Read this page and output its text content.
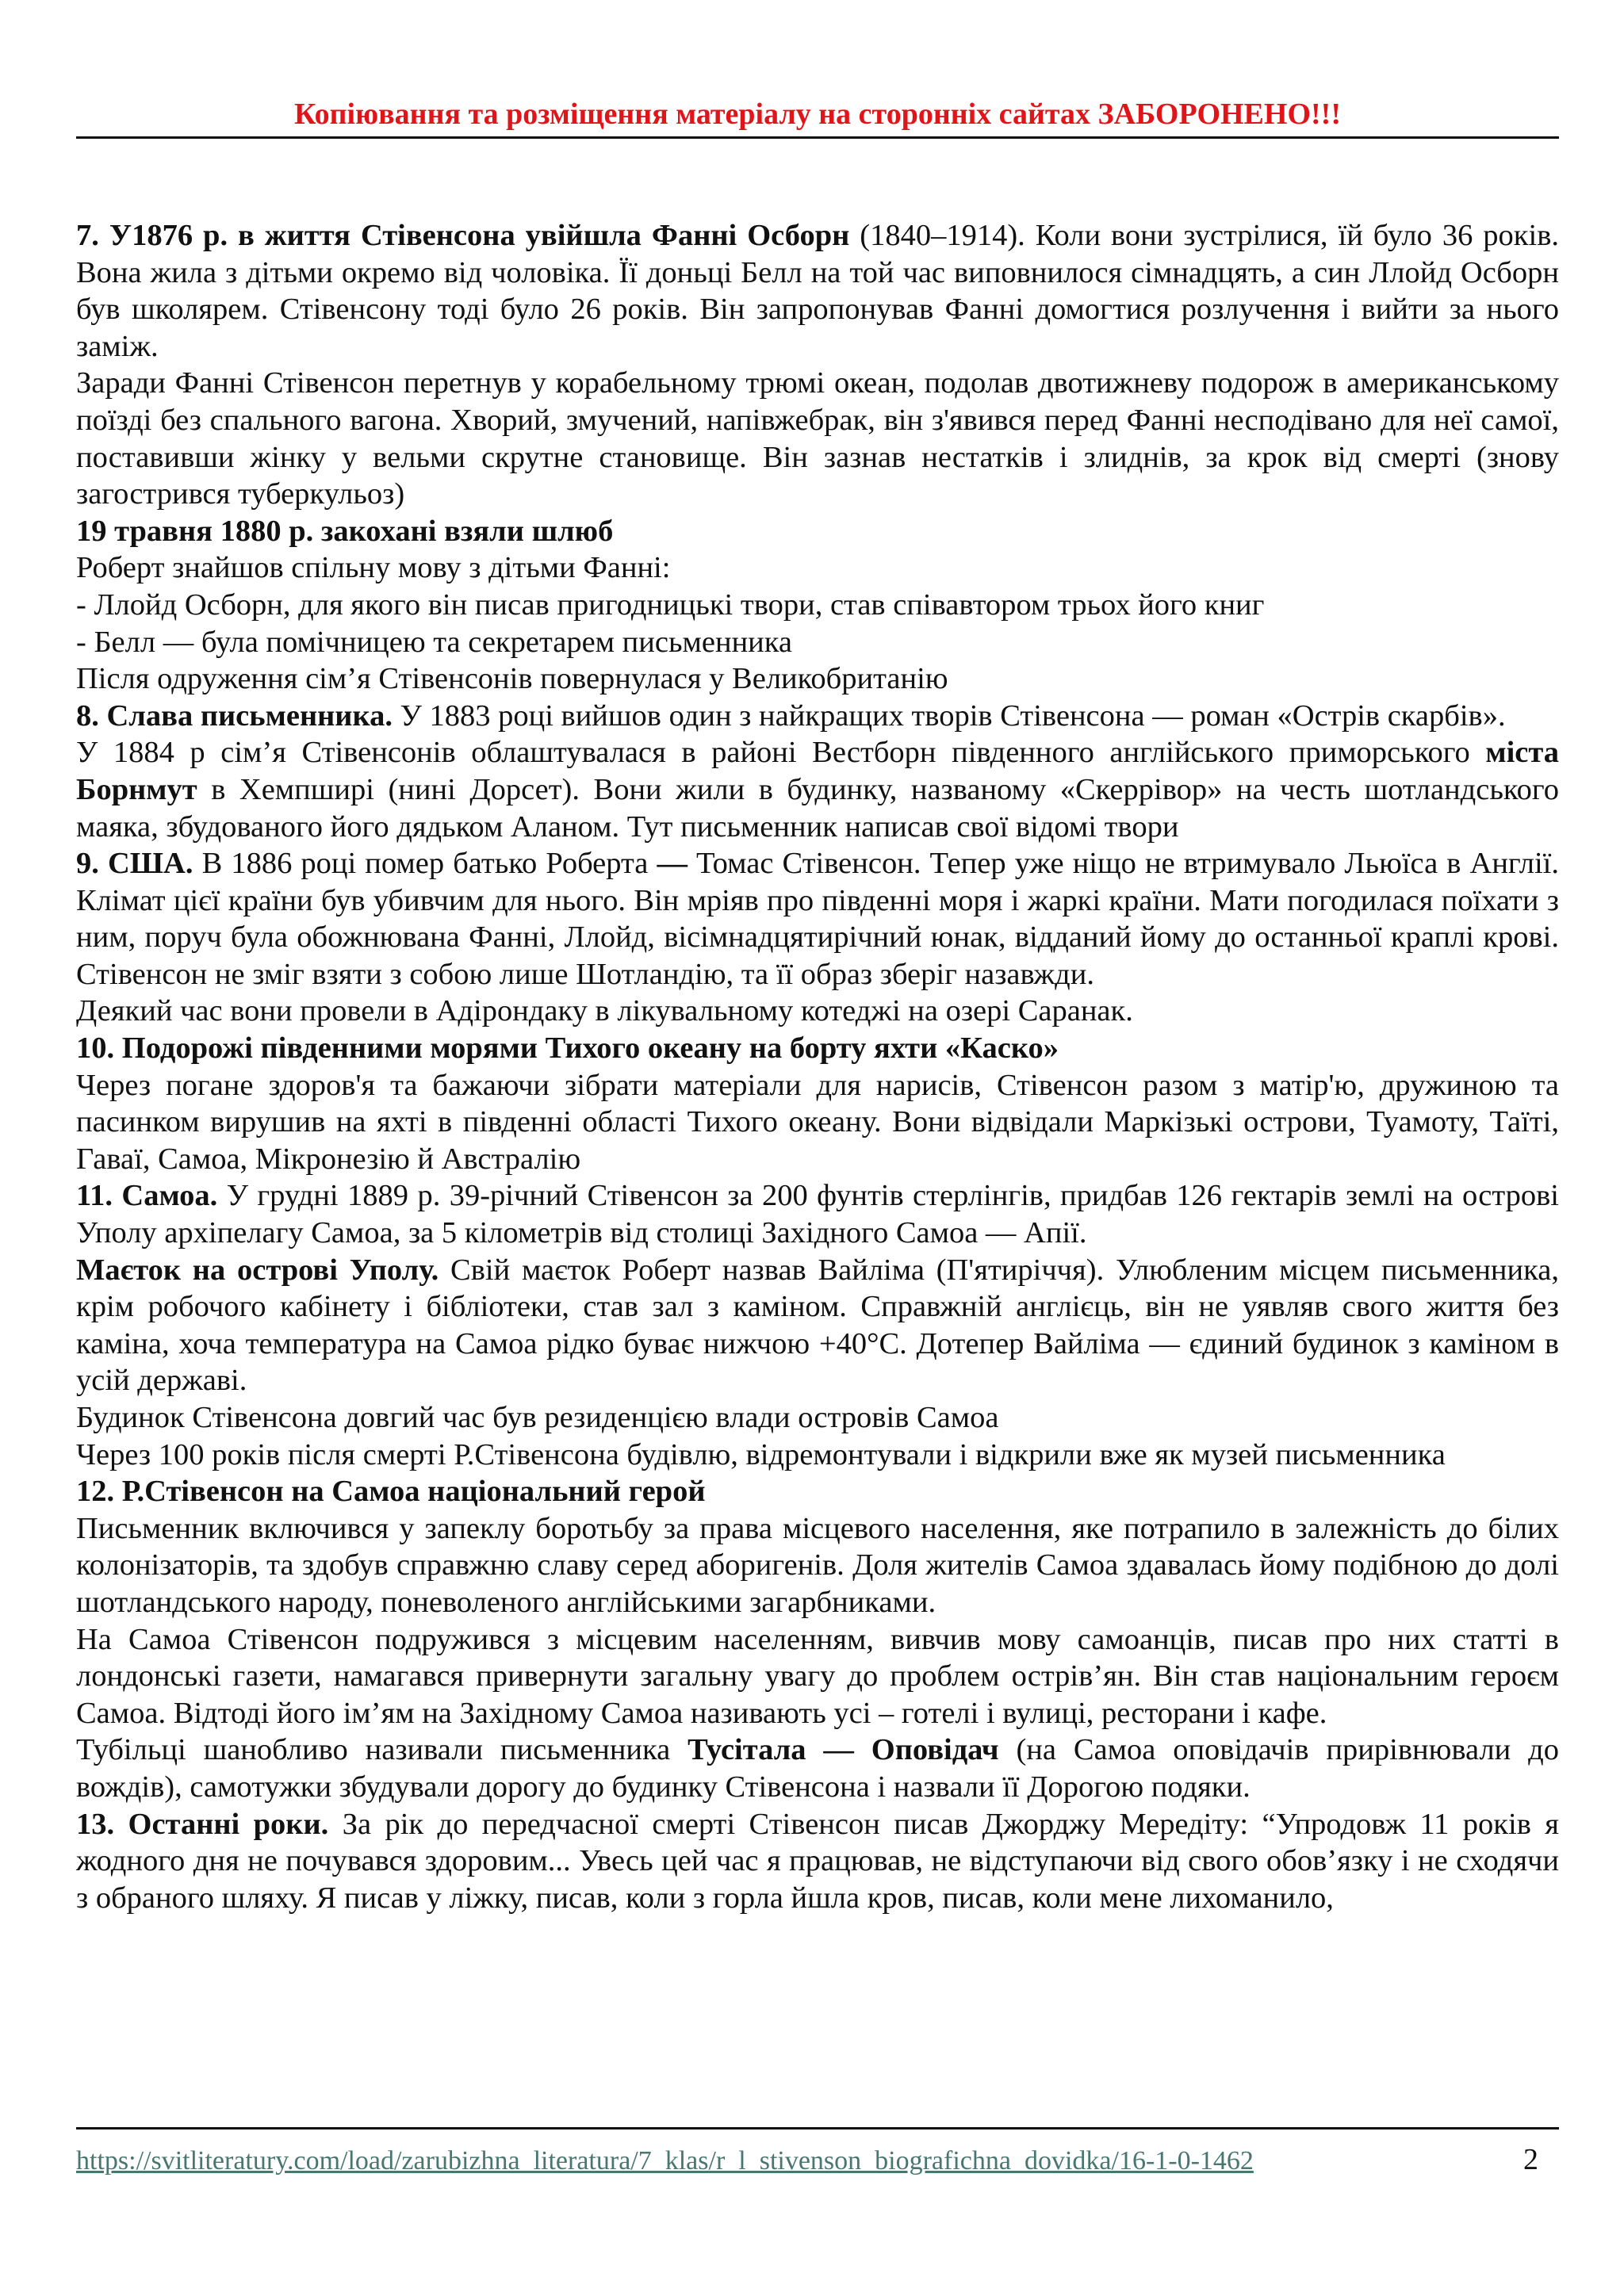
Копіювання та розміщення матеріалу на сторонніх сайтах ЗАБОРОНЕНО!!!

7. У1876 р. в життя Стівенсона увійшла Фанні Осборн (1840–1914). Коли вони зустрілися, їй було 36 років. Вона жила з дітьми окремо від чоловіка. Її доньці Белл на той час виповнилося сімнадцять, а син Ллойд Осборн був школярем. Стівенсону тоді було 26 років. Він запропонував Фанні домогтися розлучення і вийти за нього заміж.

Заради Фанні Стівенсон перетнув у корабельному трюмі океан, подолав двотижневу подорож в американському поїзді без спального вагона. Хворий, змучений, напівжебрак, він з'явився перед Фанні несподівано для неї самої, поставивши жінку у вельми скрутне становище. Він зазнав нестатків і злиднів, за крок від смерті (знову загострився туберкульоз)

19 травня 1880 р. закохані взяли шлюб

Роберт знайшов спільну мову з дітьми Фанні:

- Ллойд Осборн, для якого він писав пригодницькі твори, став співавтором трьох його книг

- Белл — була помічницею та секретарем письменника

Після одруження сім’я Стівенсонів повернулася у Великобританію

8. Слава письменника. У 1883 році вийшов один з найкращих творів Стівенсона — роман «Острів скарбів».

У 1884 р сім’я Стівенсонів облаштувалася в районі Вестборн південного англійського приморського міста Борнмут в Хемпширі (нині Дорсет). Вони жили в будинку, названому «Скеррівор» на честь шотландського маяка, збудованого його дядьком Аланом. Тут письменник написав свої відомі твори

9. США. В 1886 році помер батько Роберта — Томас Стівенсон. Тепер уже ніщо не втримувало Льюїса в Англії. Клімат цієї країни був убивчим для нього. Він мріяв про південні моря і жаркі країни. Мати погодилася поїхати з ним, поруч була обожнювана Фанні, Ллойд, вісімнадцятирічний юнак, відданий йому до останньої краплі крові. Стівенсон не зміг взяти з собою лише Шотландію, та її образ зберіг назавжди.

Деякий час вони провели в Адірондаку в лікувальному котеджі на озері Саранак.

10. Подорожі південними морями Тихого океану на борту яхти «Каско»

Через погане здоров'я та бажаючи зібрати матеріали для нарисів, Стівенсон разом з матір'ю, дружиною та пасинком вирушив на яхті в південні області Тихого океану. Вони відвідали Маркізькі острови, Туамоту, Таїті, Гаваї, Самоа, Мікронезію й Австралію

11. Самоа. У грудні 1889 р. 39-річний Стівенсон за 200 фунтів стерлінгів, придбав 126 гектарів землі на острові Уполу архіпелагу Самоа, за 5 кілометрів від столиці Західного Самоа — Апії.

Маєток на острові Уполу. Свій маєток Роберт назвав Вайліма (П'ятиріччя). Улюбленим місцем письменника, крім робочого кабінету і бібліотеки, став зал з каміном. Справжній англієць, він не уявляв свого життя без каміна, хоча температура на Самоа рідко буває нижчою +40°C. Дотепер Вайліма — єдиний будинок з каміном в усій державі.

Будинок Стівенсона довгий час був резиденцією влади островів Самоа

Через 100 років після смерті Р.Стівенсона будівлю, відремонтували і відкрили вже як музей письменника

12. Р.Стівенсон на Самоа національний герой

Письменник включився у запеклу боротьбу за права місцевого населення, яке потрапило в залежність до білих колонізаторів, та здобув справжню славу серед аборигенів. Доля жителів Самоа здавалась йому подібною до долі шотландського народу, поневоленого англійськими загарбниками.

На Самоа Стівенсон подружився з місцевим населенням, вивчив мову самоанців, писав про них статті в лондонські газети, намагався привернути загальну увагу до проблем острів’ян. Він став національним героєм Самоа. Відтоді його ім’ям на Західному Самоа називають усі – готелі і вулиці, ресторани і кафе.

Тубільці шанобливо називали письменника Тусітала — Оповідач (на Самоа оповідачів прирівнювали до вождів), самотужки збудували дорогу до будинку Стівенсона і назвали її Дорогою подяки.

13. Останні роки. За рік до передчасної смерті Стівенсон писав Джорджу Мередіту: “Упродовж 11 років я жодного дня не почувався здоровим... Увесь цей час я працював, не відступаючи від свого обов’язку і не сходячи з обраного шляху. Я писав у ліжку, писав, коли з горла йшла кров, писав, коли мене лихоманило,

https://svitliteratury.com/load/zarubizhna_literatura/7_klas/r_l_stivenson_biografichna_dovidka/16-1-0-1462	2
